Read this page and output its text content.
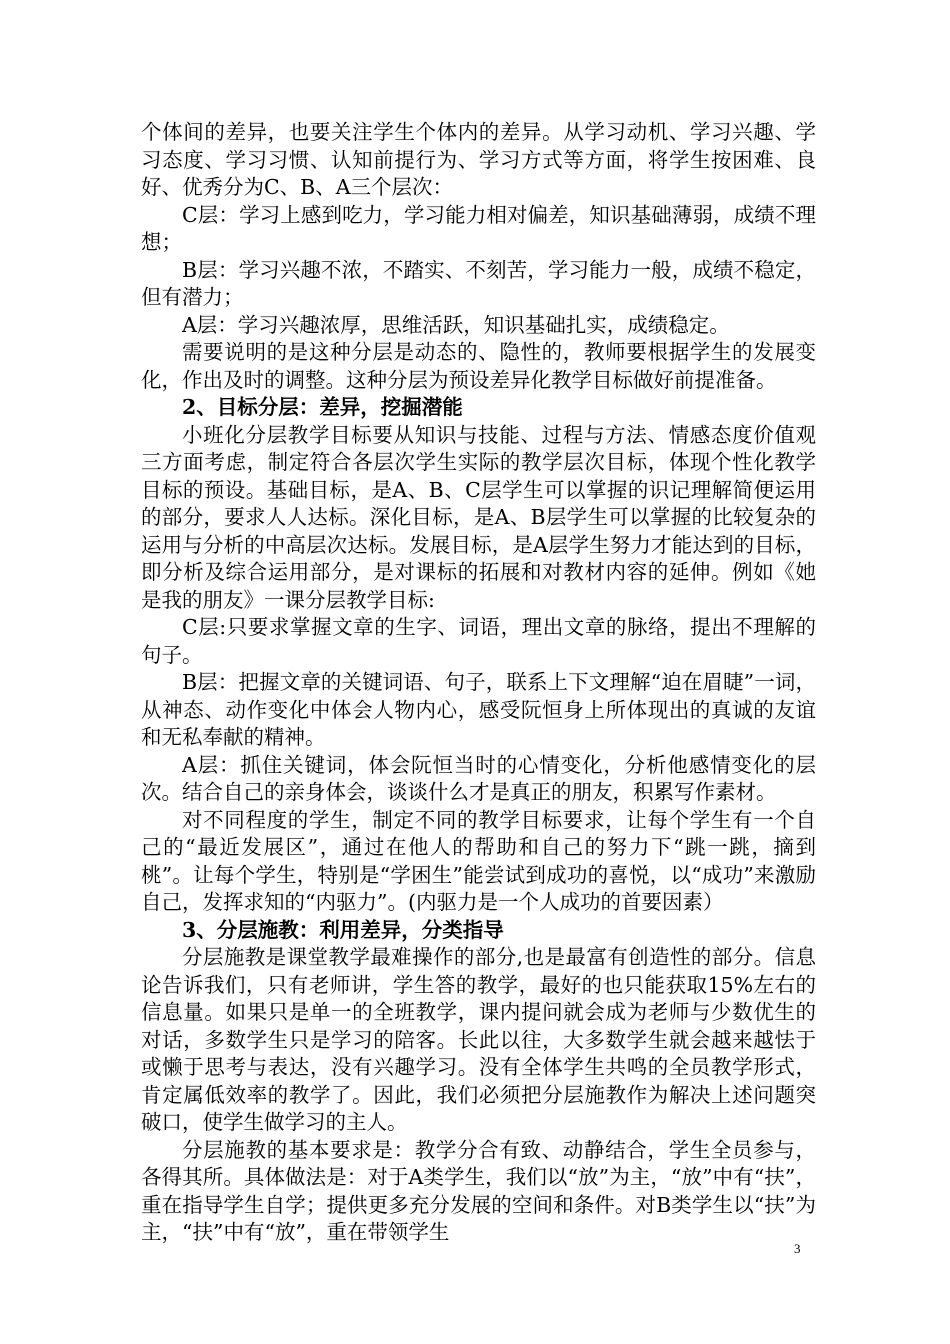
个体间的差异，也要关注学生个体内的差异。从学习动机、学习兴趣、学习态度、学习习惯、认知前提行为、学习方式等方面，将学生按困难、良好、优秀分为C、B、A三个层次：

C层：学习上感到吃力，学习能力相对偏差，知识基础薄弱，成绩不理想；

B层：学习兴趣不浓，不踏实、不刻苦，学习能力一般，成绩不稳定，但有潜力；

A层：学习兴趣浓厚，思维活跃，知识基础扎实，成绩稳定。

需要说明的是这种分层是动态的、隐性的，教师要根据学生的发展变化，作出及时的调整。这种分层为预设差异化教学目标做好前提准备。

2、目标分层：差异，挖掘潜能

小班化分层教学目标要从知识与技能、过程与方法、情感态度价值观三方面考虑，制定符合各层次学生实际的教学层次目标，体现个性化教学目标的预设。基础目标，是A、B、C层学生可以掌握的识记理解简便运用的部分，要求人人达标。深化目标，是A、B层学生可以掌握的比较复杂的运用与分析的中高层次达标。发展目标，是A层学生努力才能达到的目标，即分析及综合运用部分，是对课标的拓展和对教材内容的延伸。例如《她是我的朋友》一课分层教学目标:

C层:只要求掌握文章的生字、词语，理出文章的脉络，提出不理解的句子。

B层：把握文章的关键词语、句子，联系上下文理解“迫在眉睫”一词，从神态、动作变化中体会人物内心，感受阮恒身上所体现出的真诚的友谊和无私奉献的精神。

A层：抓住关键词，体会阮恒当时的心情变化，分析他感情变化的层次。结合自己的亲身体会，谈谈什么才是真正的朋友，积累写作素材。

对不同程度的学生，制定不同的教学目标要求，让每个学生有一个自己的“最近发展区”，通过在他人的帮助和自己的努力下“跳一跳，摘到桃”。让每个学生，特别是“学困生”能尝试到成功的喜悦，以“成功”来激励自己，发挥求知的“内驱力”。(内驱力是一个人成功的首要因素）

3、分层施教：利用差异，分类指导

分层施教是课堂教学最难操作的部分,也是最富有创造性的部分。信息论告诉我们，只有老师讲，学生答的教学，最好的也只能获取15%左右的信息量。如果只是单一的全班教学，课内提问就会成为老师与少数优生的对话，多数学生只是学习的陪客。长此以往，大多数学生就会越来越怯于或懒于思考与表达，没有兴趣学习。没有全体学生共鸣的全员教学形式，肯定属低效率的教学了。因此，我们必须把分层施教作为解决上述问题突破口，使学生做学习的主人。

分层施教的基本要求是：教学分合有致、动静结合，学生全员参与，各得其所。具体做法是：对于A类学生，我们以“放”为主，“放”中有“扶”，重在指导学生自学；提供更多充分发展的空间和条件。对B类学生以“扶”为主，“扶”中有“放”，重在带领学生

3
